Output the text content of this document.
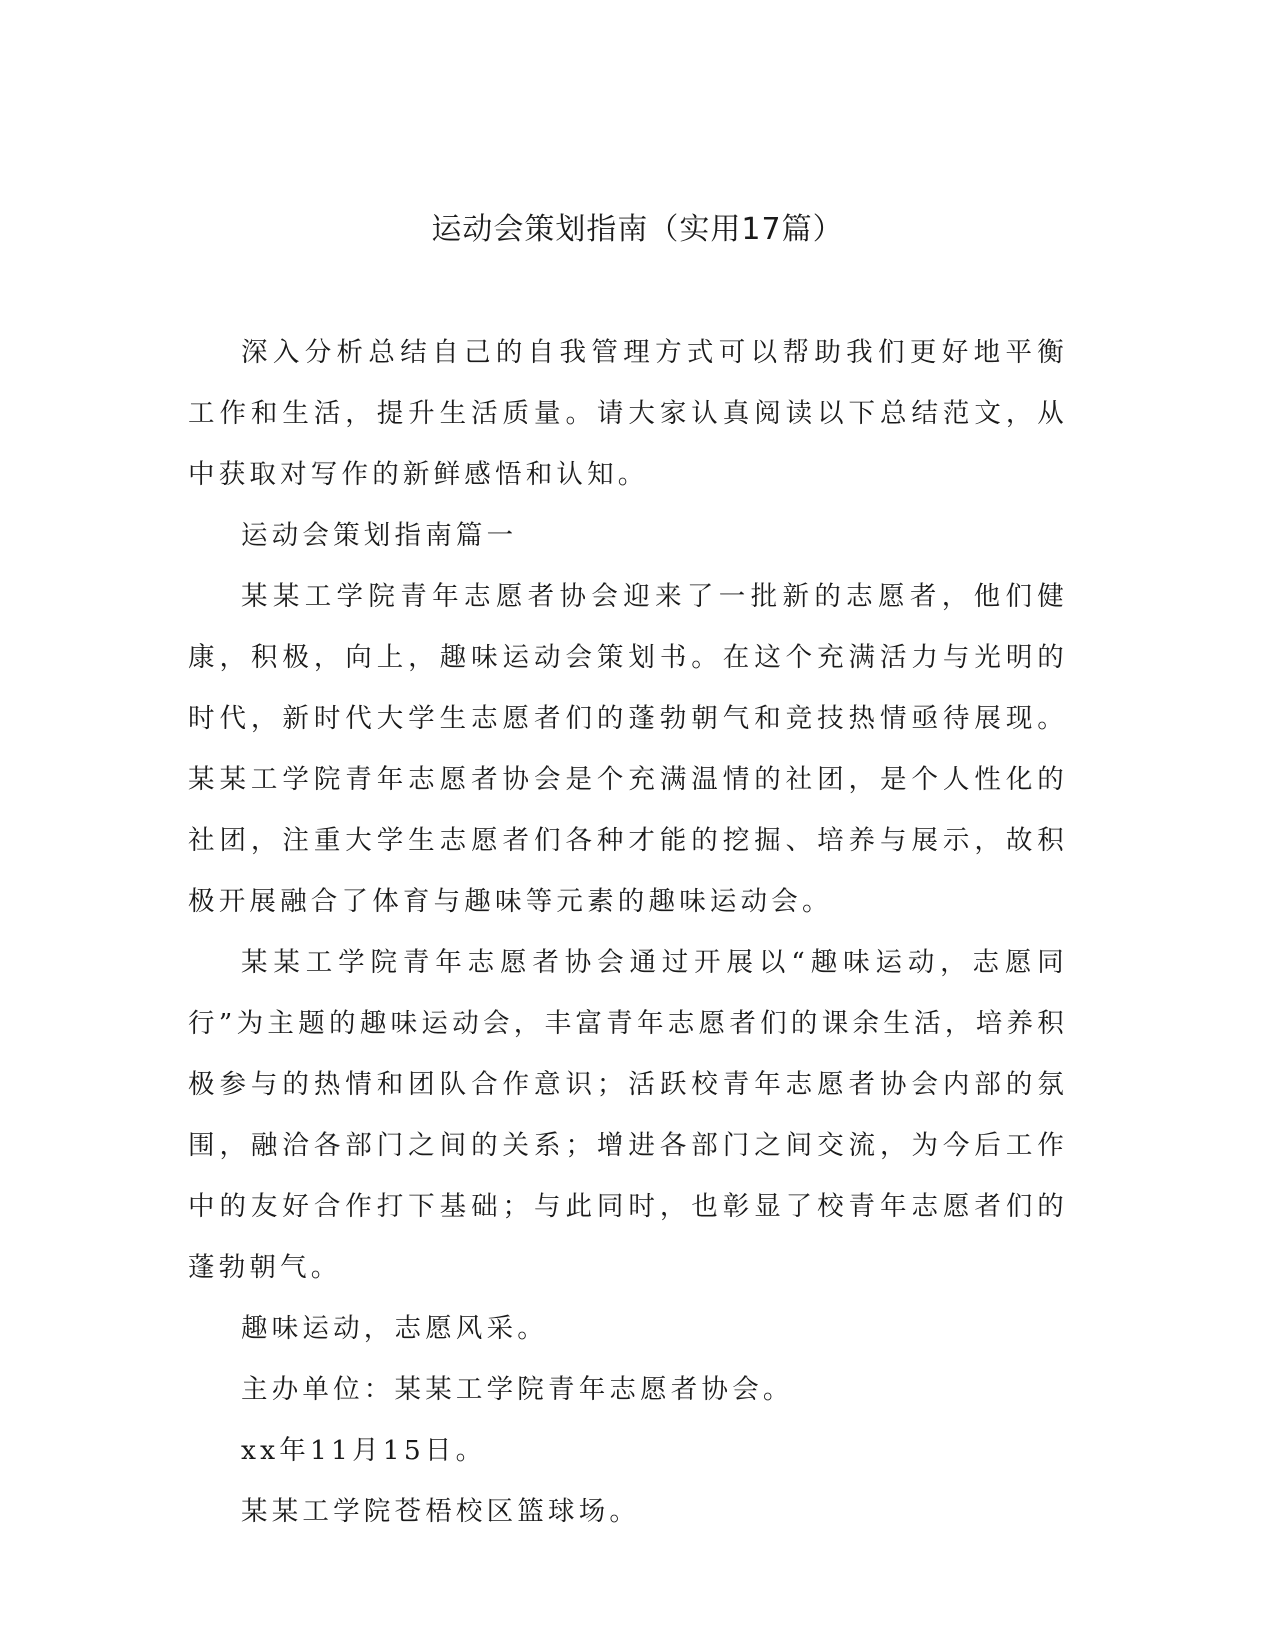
运动会策划指南（实用17篇）

深入分析总结自己的自我管理方式可以帮助我们更好地平衡工作和生活，提升生活质量。请大家认真阅读以下总结范文，从中获取对写作的新鲜感悟和认知。

运动会策划指南篇一

某某工学院青年志愿者协会迎来了一批新的志愿者，他们健康，积极，向上，趣味运动会策划书。在这个充满活力与光明的时代，新时代大学生志愿者们的蓬勃朝气和竞技热情亟待展现。某某工学院青年志愿者协会是个充满温情的社团，是个人性化的社团，注重大学生志愿者们各种才能的挖掘、培养与展示，故积极开展融合了体育与趣味等元素的趣味运动会。

某某工学院青年志愿者协会通过开展以“趣味运动，志愿同行”为主题的趣味运动会，丰富青年志愿者们的课余生活，培养积极参与的热情和团队合作意识；活跃校青年志愿者协会内部的氛围，融洽各部门之间的关系；增进各部门之间交流，为今后工作中的友好合作打下基础；与此同时，也彰显了校青年志愿者们的蓬勃朝气。

趣味运动，志愿风采。

主办单位：某某工学院青年志愿者协会。

xx年11月15日。

某某工学院苍梧校区篮球场。
